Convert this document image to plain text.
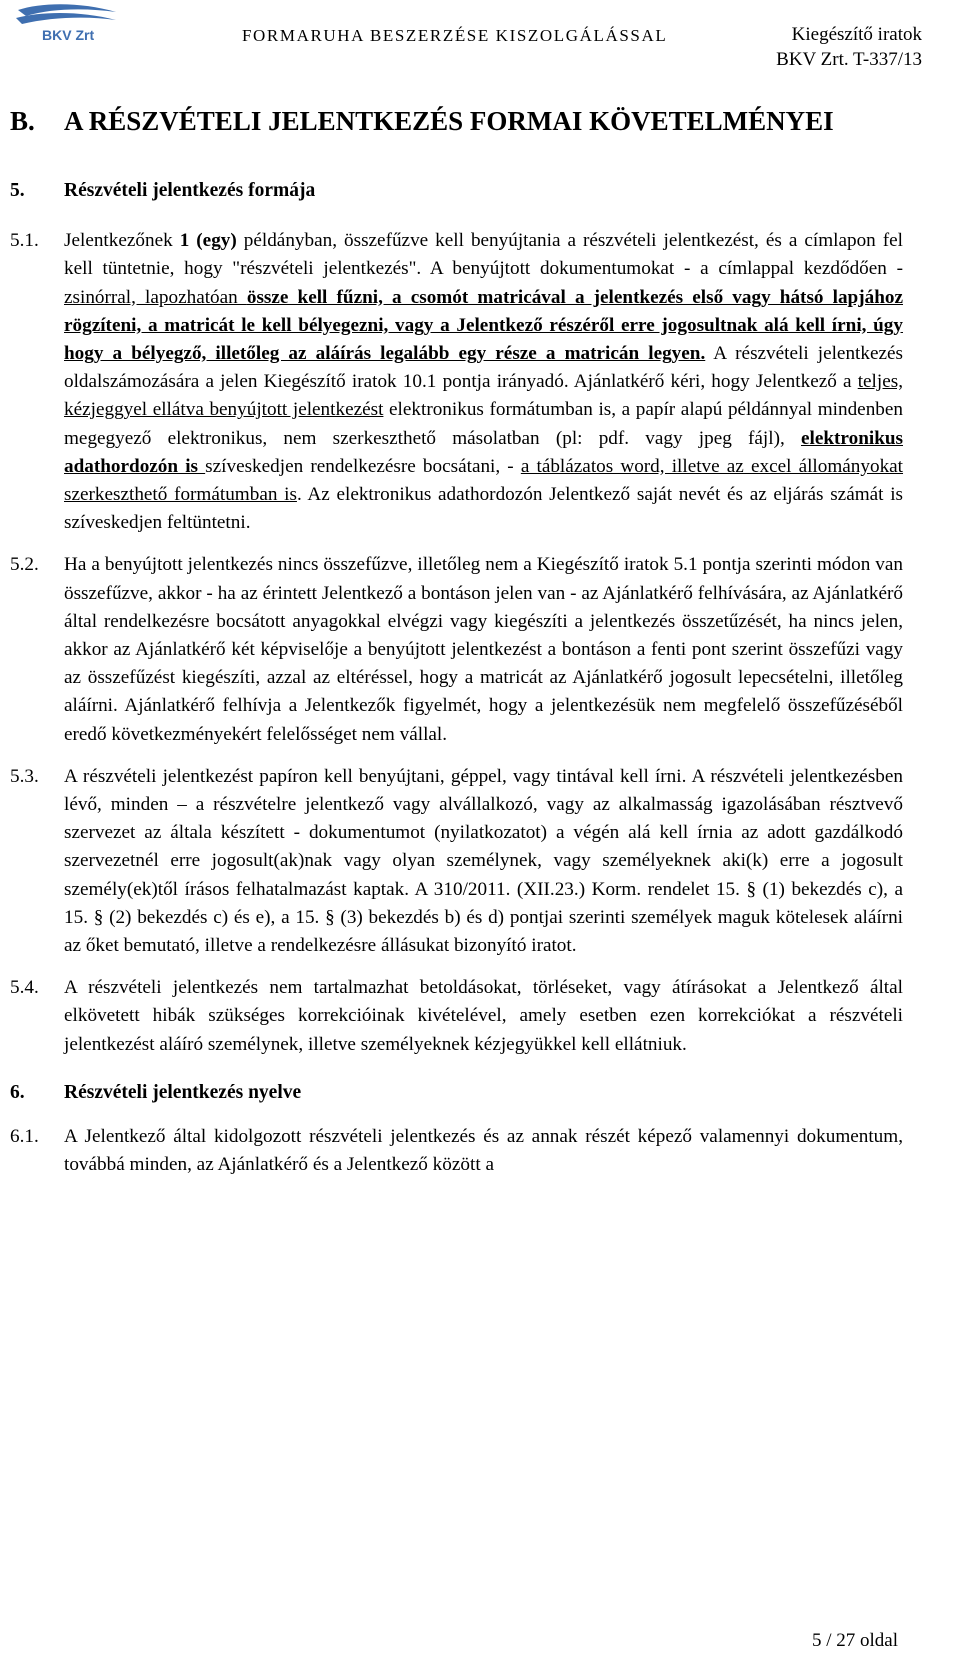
BKV Zrt	FORMARUHA BESZERZÉSE KISZOLGÁLÁSSAL	Kiegészítő iratok
BKV Zrt. T-337/13
B.	A RÉSZVÉTELI JELENTKEZÉS FORMAI KÖVETELMÉNYEI
5.	Részvételi jelentkezés formája
5.1.	Jelentkezőnek 1 (egy) példányban, összefűzve kell benyújtania a részvételi jelentkezést, és a címlapon fel kell tüntetnie, hogy "részvételi jelentkezés". A benyújtott dokumentumokat - a címlappal kezdődően - zsinórral, lapozhatóan össze kell fűzni, a csomót matricával a jelentkezés első vagy hátsó lapjához rögzíteni, a matricát le kell bélyegezni, vagy a Jelentkező részéről erre jogosultnak alá kell írni, úgy hogy a bélyegző, illetőleg az aláírás legalább egy része a matricán legyen. A részvételi jelentkezés oldalszámozására a jelen Kiegészítő iratok 10.1 pontja irányadó. Ajánlatkérő kéri, hogy Jelentkező a teljes, kézjeggyel ellátva benyújtott jelentkezést elektronikus formátumban is, a papír alapú példánnyal mindenben megegyező elektronikus, nem szerkeszthető másolatban (pl: pdf. vagy jpeg fájl), elektronikus adathordozón is szíveskedjen rendelkezésre bocsátani, - a táblázatos word, illetve az excel állományokat szerkeszthető formátumban is. Az elektronikus adathordozón Jelentkező saját nevét és az eljárás számát is szíveskedjen feltüntetni.

5.2.	Ha a benyújtott jelentkezés nincs összefűzve, illetőleg nem a Kiegészítő iratok 5.1 pontja szerinti módon van összefűzve, akkor - ha az érintett Jelentkező a bontáson jelen van - az Ajánlatkérő felhívására, az Ajánlatkérő által rendelkezésre bocsátott anyagokkal elvégzi vagy kiegészíti a jelentkezés összetűzését, ha nincs jelen, akkor az Ajánlatkérő két képviselője a benyújtott jelentkezést a bontáson a fenti pont szerint összefűzi vagy az összefűzést kiegészíti, azzal az eltéréssel, hogy a matricát az Ajánlatkérő jogosult lepecsételni, illetőleg aláírni. Ajánlatkérő felhívja a Jelentkezők figyelmét, hogy a jelentkezésük nem megfelelő összefűzéséből eredő következményekért felelősséget nem vállal.

5.3.	A részvételi jelentkezést papíron kell benyújtani, géppel, vagy tintával kell írni. A részvételi jelentkezésben lévő, minden – a részvételre jelentkező vagy alvállalkozó, vagy az alkalmasság igazolásában résztvevő szervezet az általa készített - dokumentumot (nyilatkozatot) a végén alá kell írnia az adott gazdálkodó szervezetnél erre jogosult(ak)nak vagy olyan személynek, vagy személyeknek aki(k) erre a jogosult személy(ek)től írásos felhatalmazást kaptak. A 310/2011. (XII.23.) Korm. rendelet 15. § (1) bekezdés c), a 15. § (2) bekezdés c) és e), a 15. § (3) bekezdés b) és d) pontjai szerinti személyek maguk kötelesek aláírni az őket bemutató, illetve a rendelkezésre állásukat bizonyító iratot.

5.4.	A részvételi jelentkezés nem tartalmazhat betoldásokat, törléseket, vagy átírásokat a Jelentkező által elkövetett hibák szükséges korrekcióinak kivételével, amely esetben ezen korrekciókat a részvételi jelentkezést aláíró személynek, illetve személyeknek kézjegyükkel kell ellátniuk.

6.	Részvételi jelentkezés nyelve
6.1.	A Jelentkező által kidolgozott részvételi jelentkezés és az annak részét képező valamennyi dokumentum, továbbá minden, az Ajánlatkérő és a Jelentkező között a

5 / 27 oldal
